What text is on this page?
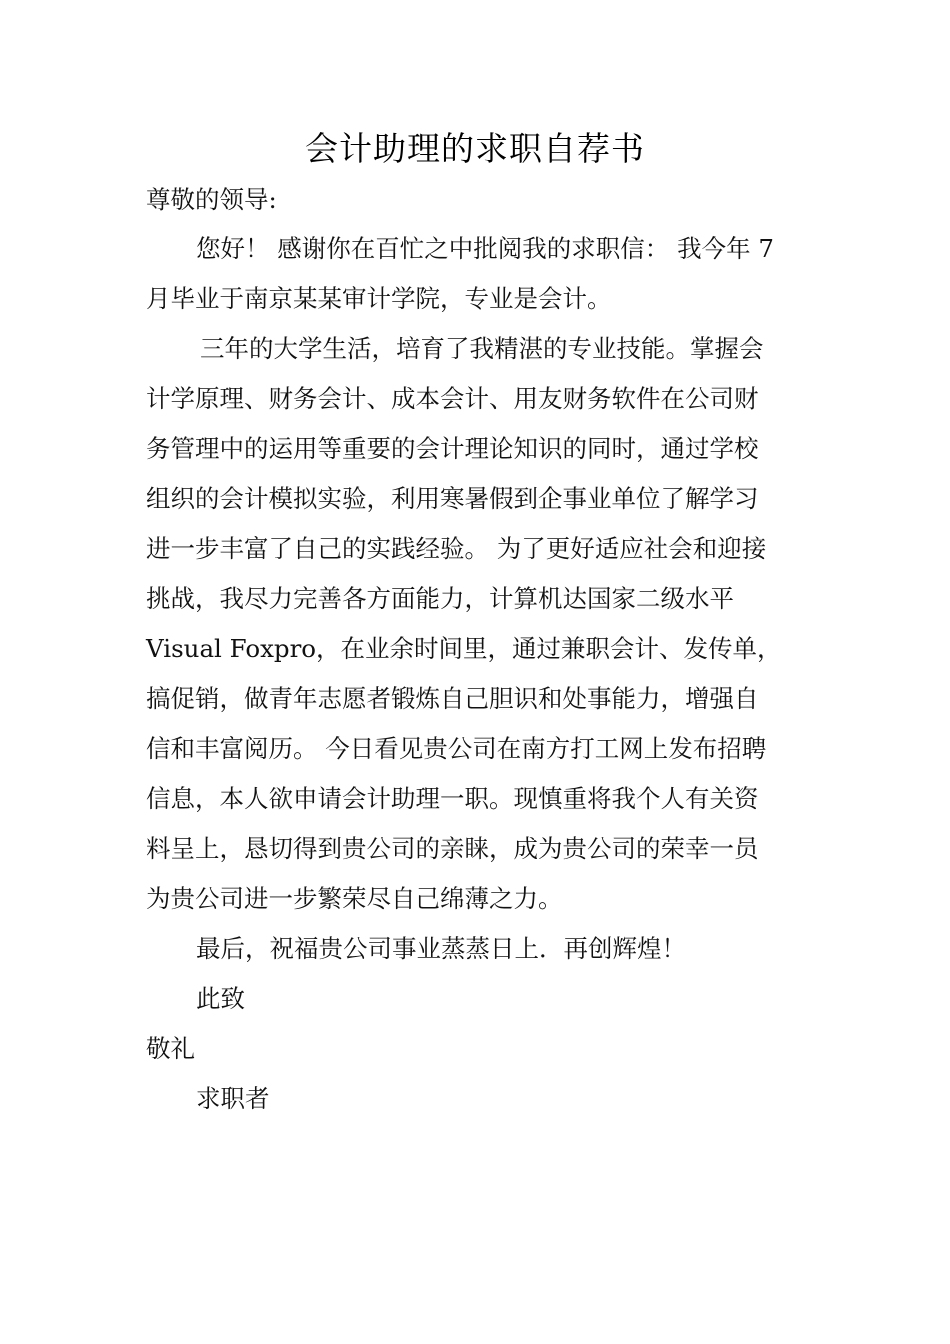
会计助理的求职自荐书
尊敬的领导:
您好！ 感谢你在百忙之中批阅我的求职信： 我今年 7
月毕业于南京某某审计学院，专业是会计。
三年的大学生活，培育了我精湛的专业技能。掌握会
计学原理、财务会计、成本会计、用友财务软件在公司财
务管理中的运用等重要的会计理论知识的同时，通过学校
组织的会计模拟实验，利用寒暑假到企事业单位了解学习
进一步丰富了自己的实践经验。 为了更好适应社会和迎接
挑战，我尽力完善各方面能力，计算机达国家二级水平
Visual Foxpro，在业余时间里，通过兼职会计、发传单，
搞促销，做青年志愿者锻炼自己胆识和处事能力，增强自
信和丰富阅历。 今日看见贵公司在南方打工网上发布招聘
信息，本人欲申请会计助理一职。现慎重将我个人有关资
料呈上，恳切得到贵公司的亲睐，成为贵公司的荣幸一员
为贵公司进一步繁荣尽自己绵薄之力。
最后，祝福贵公司事业蒸蒸日上．再创辉煌！
此致
敬礼
求职者
